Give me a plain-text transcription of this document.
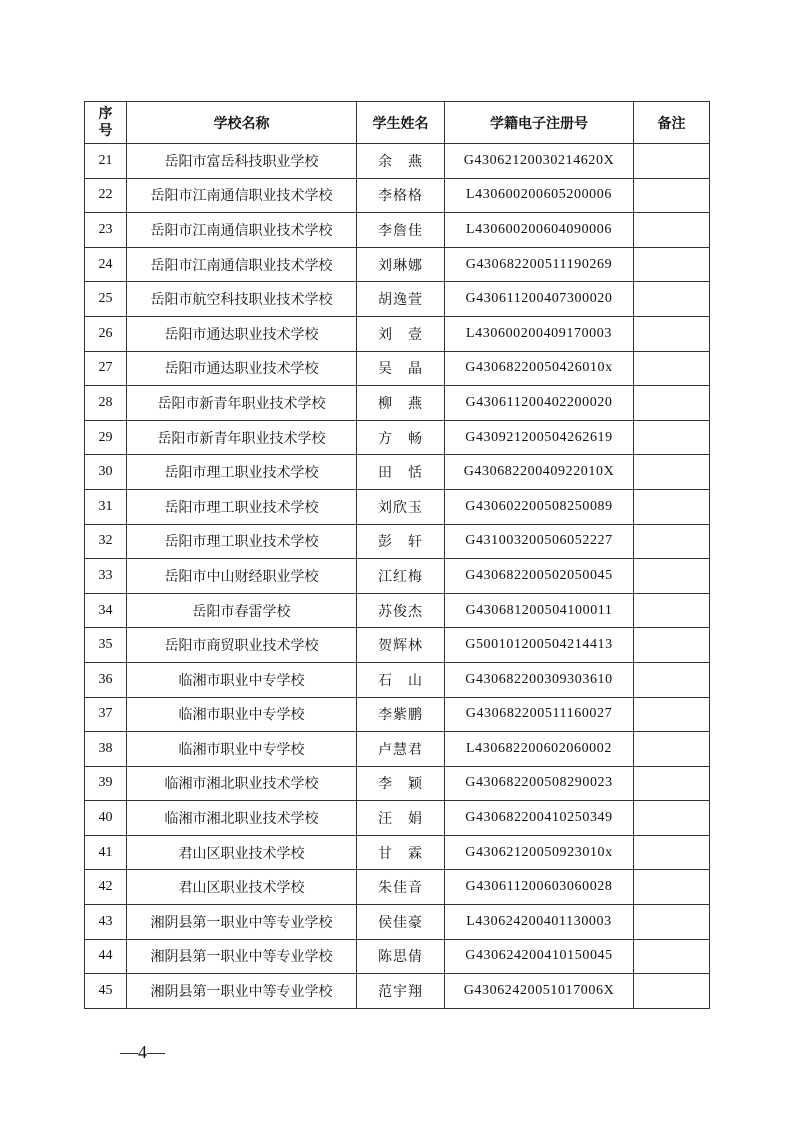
序
号	学校名称	学生姓名	学籍电子注册号	备注
21	岳阳市富岳科技职业学校	余　燕	G43062120030214620X	
22	岳阳市江南通信职业技术学校	李格格	L430600200605200006	
23	岳阳市江南通信职业技术学校	李詹佳	L430600200604090006	
24	岳阳市江南通信职业技术学校	刘琳娜	G430682200511190269	
25	岳阳市航空科技职业技术学校	胡逸萱	G430611200407300020	
26	岳阳市通达职业技术学校	刘　壹	L430600200409170003	
27	岳阳市通达职业技术学校	吴　晶	G43068220050426010x	
28	岳阳市新青年职业技术学校	柳　燕	G430611200402200020	
29	岳阳市新青年职业技术学校	方　畅	G430921200504262619	
30	岳阳市理工职业技术学校	田　恬	G43068220040922010X	
31	岳阳市理工职业技术学校	刘欣玉	G430602200508250089	
32	岳阳市理工职业技术学校	彭　轩	G431003200506052227	
33	岳阳市中山财经职业学校	江红梅	G430682200502050045	
34	岳阳市春雷学校	苏俊杰	G430681200504100011	
35	岳阳市商贸职业技术学校	贺辉林	G500101200504214413	
36	临湘市职业中专学校	石　山	G430682200309303610	
37	临湘市职业中专学校	李紫鹏	G430682200511160027	
38	临湘市职业中专学校	卢慧君	L430682200602060002	
39	临湘市湘北职业技术学校	李　颖	G430682200508290023	
40	临湘市湘北职业技术学校	汪　娟	G430682200410250349	
41	君山区职业技术学校	甘　霖	G43062120050923010x	
42	君山区职业技术学校	朱佳音	G430611200603060028	
43	湘阴县第一职业中等专业学校	侯佳豪	L430624200401130003	
44	湘阴县第一职业中等专业学校	陈思倩	G430624200410150045	
45	湘阴县第一职业中等专业学校	范宇翔	G43062420051017006X	
—4—
